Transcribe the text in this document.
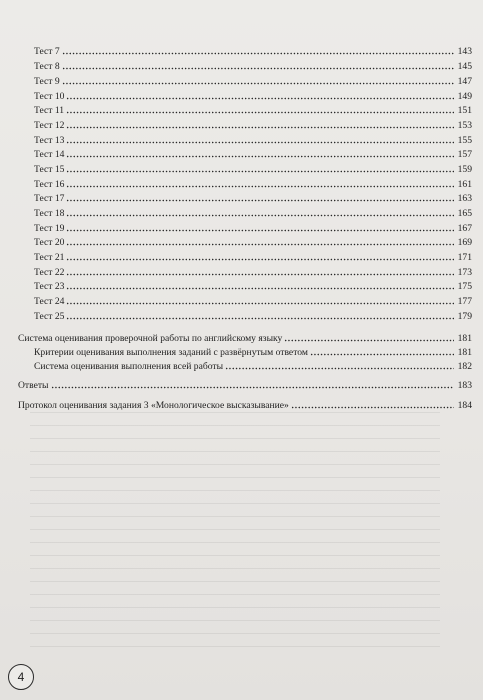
Тест 7	143
Тест 8	145
Тест 9	147
Тест 10	149
Тест 11	151
Тест 12	153
Тест 13	155
Тест 14	157
Тест 15	159
Тест 16	161
Тест 17	163
Тест 18	165
Тест 19	167
Тест 20	169
Тест 21	171
Тест 22	173
Тест 23	175
Тест 24	177
Тест 25	179
Система оценивания проверочной работы по английскому языку	181
Критерии оценивания выполнения заданий с развёрнутым ответом	181
Система оценивания выполнения всей работы	182
Ответы	183
Протокол оценивания задания 3 «Монологическое высказывание»	184
4
